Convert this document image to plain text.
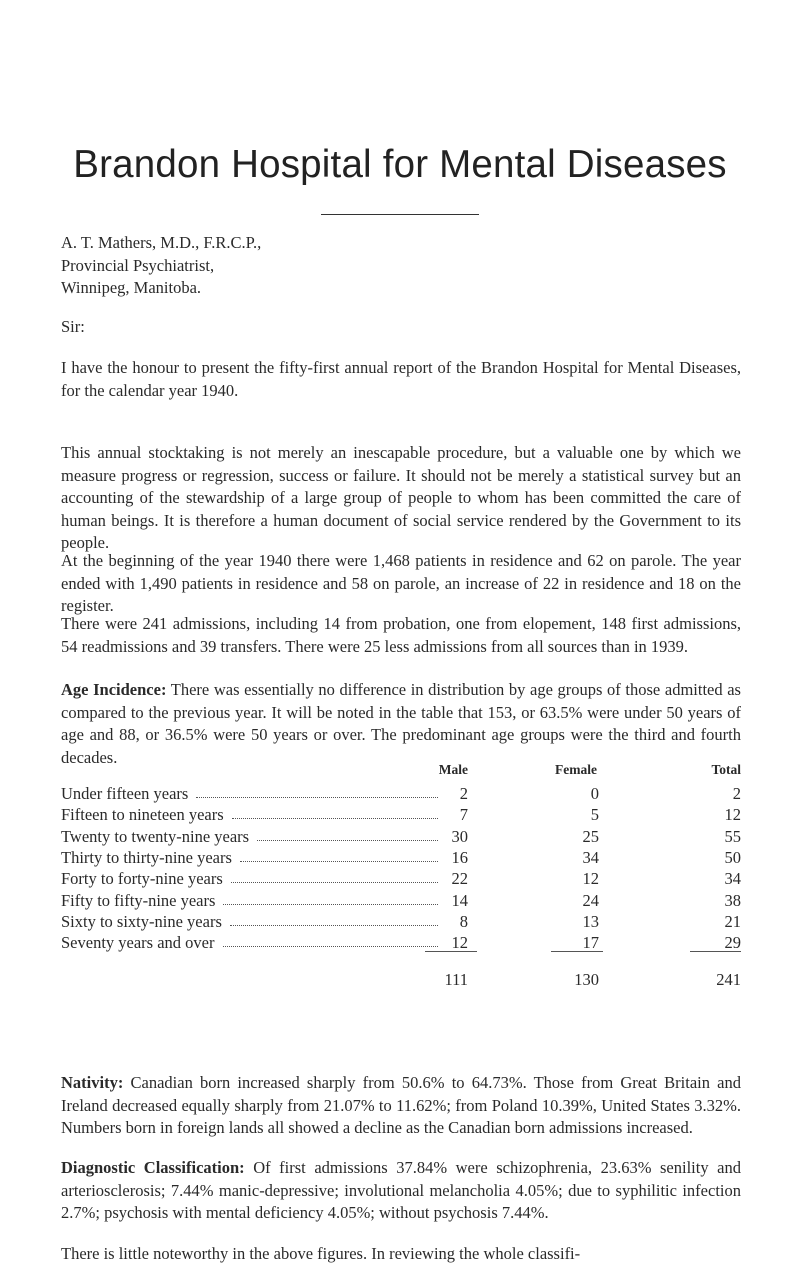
Brandon Hospital for Mental Diseases
A. T. Mathers, M.D., F.R.C.P.,
Provincial Psychiatrist,
Winnipeg, Manitoba.
Sir:

I have the honour to present the fifty-first annual report of the Brandon Hospital for Mental Diseases, for the calendar year 1940.

This annual stocktaking is not merely an inescapable procedure, but a valuable one by which we measure progress or regression, success or failure. It should not be merely a statistical survey but an accounting of the stewardship of a large group of people to whom has been committed the care of human beings. It is therefore a human document of social service rendered by the Government to its people.

At the beginning of the year 1940 there were 1,468 patients in residence and 62 on parole. The year ended with 1,490 patients in residence and 58 on parole, an increase of 22 in residence and 18 on the register.

There were 241 admissions, including 14 from probation, one from elopement, 148 first admissions, 54 readmissions and 39 transfers. There were 25 less admissions from all sources than in 1939.

Age Incidence: There was essentially no difference in distribution by age groups of those admitted as compared to the previous year. It will be noted in the table that 153, or 63.5% were under 50 years of age and 88, or 36.5% were 50 years or over. The predominant age groups were the third and fourth decades.

Male	Female	Total
Under fifteen years	2	0	2
Fifteen to nineteen years	7	5	12
Twenty to twenty-nine years	30	25	55
Thirty to thirty-nine years	16	34	50
Forty to forty-nine years	22	12	34
Fifty to fifty-nine years	14	24	38
Sixty to sixty-nine years	8	13	21
Seventy years and over	12	17	29
111	130	241

Nativity: Canadian born increased sharply from 50.6% to 64.73%. Those from Great Britain and Ireland decreased equally sharply from 21.07% to 11.62%; from Poland 10.39%, United States 3.32%. Numbers born in foreign lands all showed a decline as the Canadian born admissions increased.

Diagnostic Classification: Of first admissions 37.84% were schizophrenia, 23.63% senility and arteriosclerosis; 7.44% manic-depressive; involutional melancholia 4.05%; due to syphilitic infection 2.7%; psychosis with mental deficiency 4.05%; without psychosis 7.44%.

There is little noteworthy in the above figures. In reviewing the whole classifi-
